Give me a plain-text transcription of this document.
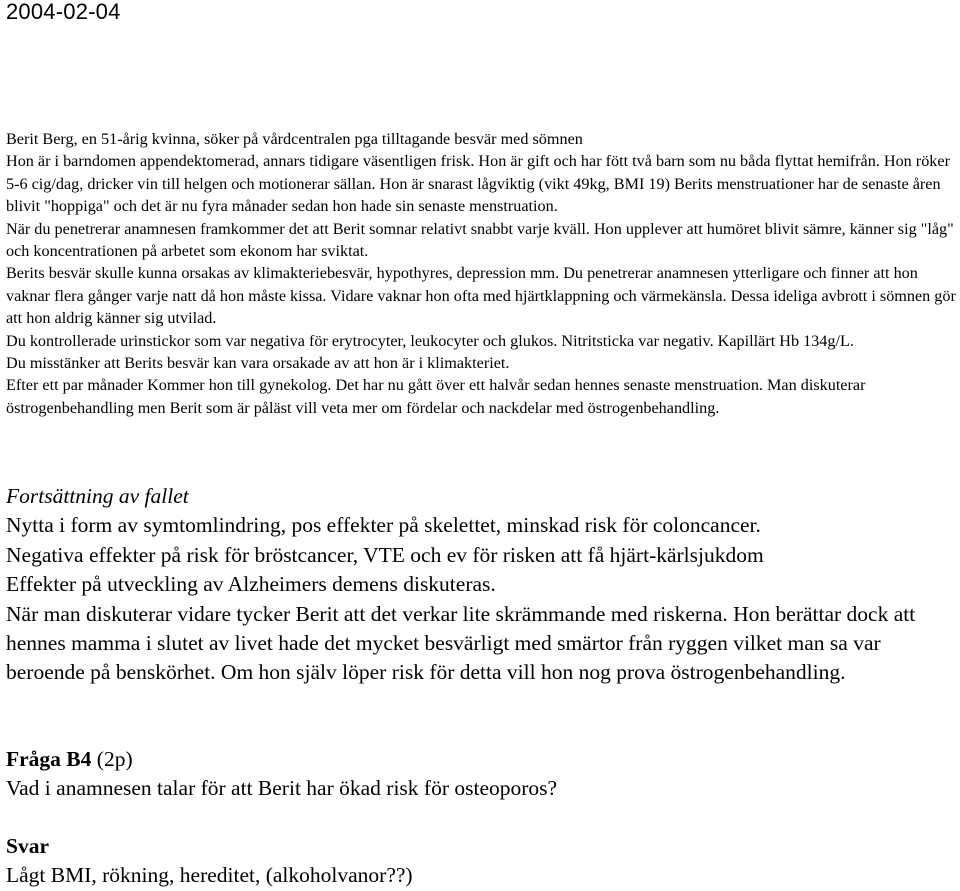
2004-02-04

Berit Berg, en 51-årig kvinna, söker på vårdcentralen pga tilltagande besvär med sömnen

Hon är i barndomen appendektomerad, annars tidigare väsentligen frisk. Hon är gift och har fött två barn som nu båda flyttat hemifrån. Hon röker 5-6 cig/dag, dricker vin till helgen och motionerar sällan. Hon är snarast lågviktig (vikt 49kg, BMI 19) Berits menstruationer har de senaste åren blivit "hoppiga" och det är nu fyra månader sedan hon hade sin senaste menstruation.

När du penetrerar anamnesen framkommer det att Berit somnar relativt snabbt varje kväll. Hon upplever att humöret blivit sämre, känner sig "låg" och koncentrationen på arbetet som ekonom har sviktat.

Berits besvär skulle kunna orsakas av klimakteriebesvär, hypothyres, depression mm. Du penetrerar anamnesen ytterligare och finner att hon vaknar flera gånger varje natt då hon måste kissa. Vidare vaknar hon ofta med hjärtklappning och värmekänsla. Dessa ideliga avbrott i sömnen gör att hon aldrig känner sig utvilad.

Du kontrollerade urinstickor som var negativa för erytrocyter, leukocyter och glukos. Nitritsticka var negativ. Kapillärt Hb 134g/L.

Du misstänker att Berits besvär kan vara orsakade av att hon är i klimakteriet.

Efter ett par månader Kommer hon till gynekolog. Det har nu gått över ett halvår sedan hennes senaste menstruation. Man diskuterar östrogenbehandling men Berit som är påläst vill veta mer om fördelar och nackdelar med östrogenbehandling.

Fortsättning av fallet

Nytta i form av symtomlindring, pos effekter på skelettet, minskad risk för coloncancer.

Negativa effekter på risk för bröstcancer, VTE och ev för risken att få hjärt-kärlsjukdom

Effekter på utveckling av Alzheimers demens diskuteras.

När man diskuterar vidare tycker Berit att det verkar lite skrämmande med riskerna. Hon berättar dock att hennes mamma i slutet av livet hade det mycket besvärligt med smärtor från ryggen vilket man sa var beroende på benskörhet. Om hon själv löper risk för detta vill hon nog prova östrogenbehandling.

Fråga B4 (2p)

Vad i anamnesen talar för att Berit har ökad risk för osteoporos?

Svar

Lågt BMI, rökning, hereditet, (alkoholvanor??)
